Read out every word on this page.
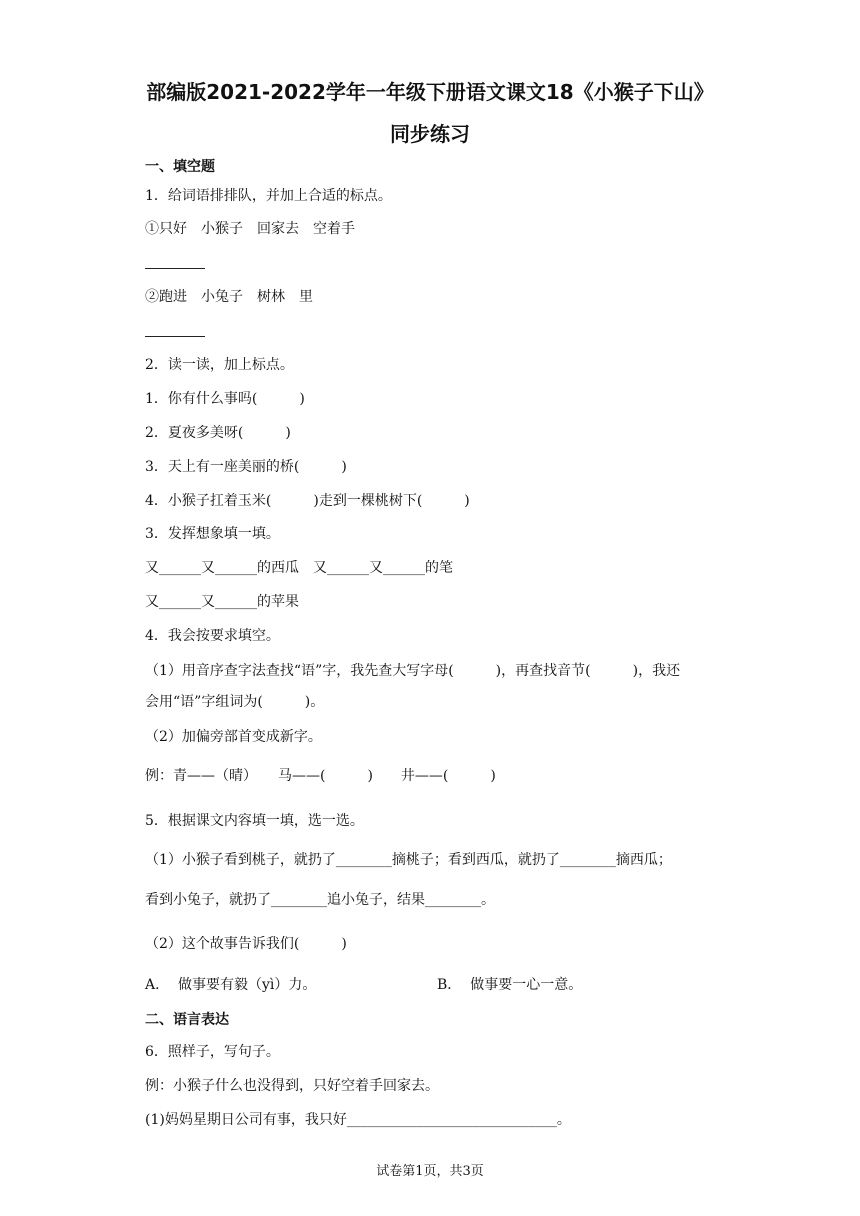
部编版2021-2022学年一年级下册语文课文18《小猴子下山》
同步练习
一、填空题
1．给词语排排队，并加上合适的标点。
①只好　小猴子　回家去　空着手
②跑进　小兔子　树林　里
2．读一读，加上标点。
1．你有什么事吗(　　　)
2．夏夜多美呀(　　　)
3．天上有一座美丽的桥(　　　)
4．小猴子扛着玉米(　　　)走到一棵桃树下(　　　)
3．发挥想象填一填。
又______又______的西瓜　又______又______的笔
又______又______的苹果
4．我会按要求填空。
（1）用音序查字法查找“语”字，我先查大写字母(　　　)，再查找音节(　　　)，我还
会用“语”字组词为(　　　)。
（2）加偏旁部首变成新字。
例：青——（晴）　　马——(　　　)　　井——(　　　)
5．根据课文内容填一填，选一选。
（1）小猴子看到桃子，就扔了________摘桃子；看到西瓜，就扔了________摘西瓜；
看到小兔子，就扔了________追小兔子，结果________。
（2）这个故事告诉我们(　　　)
A．  做事要有毅（yì）力。	B．  做事要一心一意。
二、语言表达
6．照样子，写句子。
例：小猴子什么也没得到，只好空着手回家去。
(1)妈妈星期日公司有事，我只好______________________________。
试卷第1页，共3页
